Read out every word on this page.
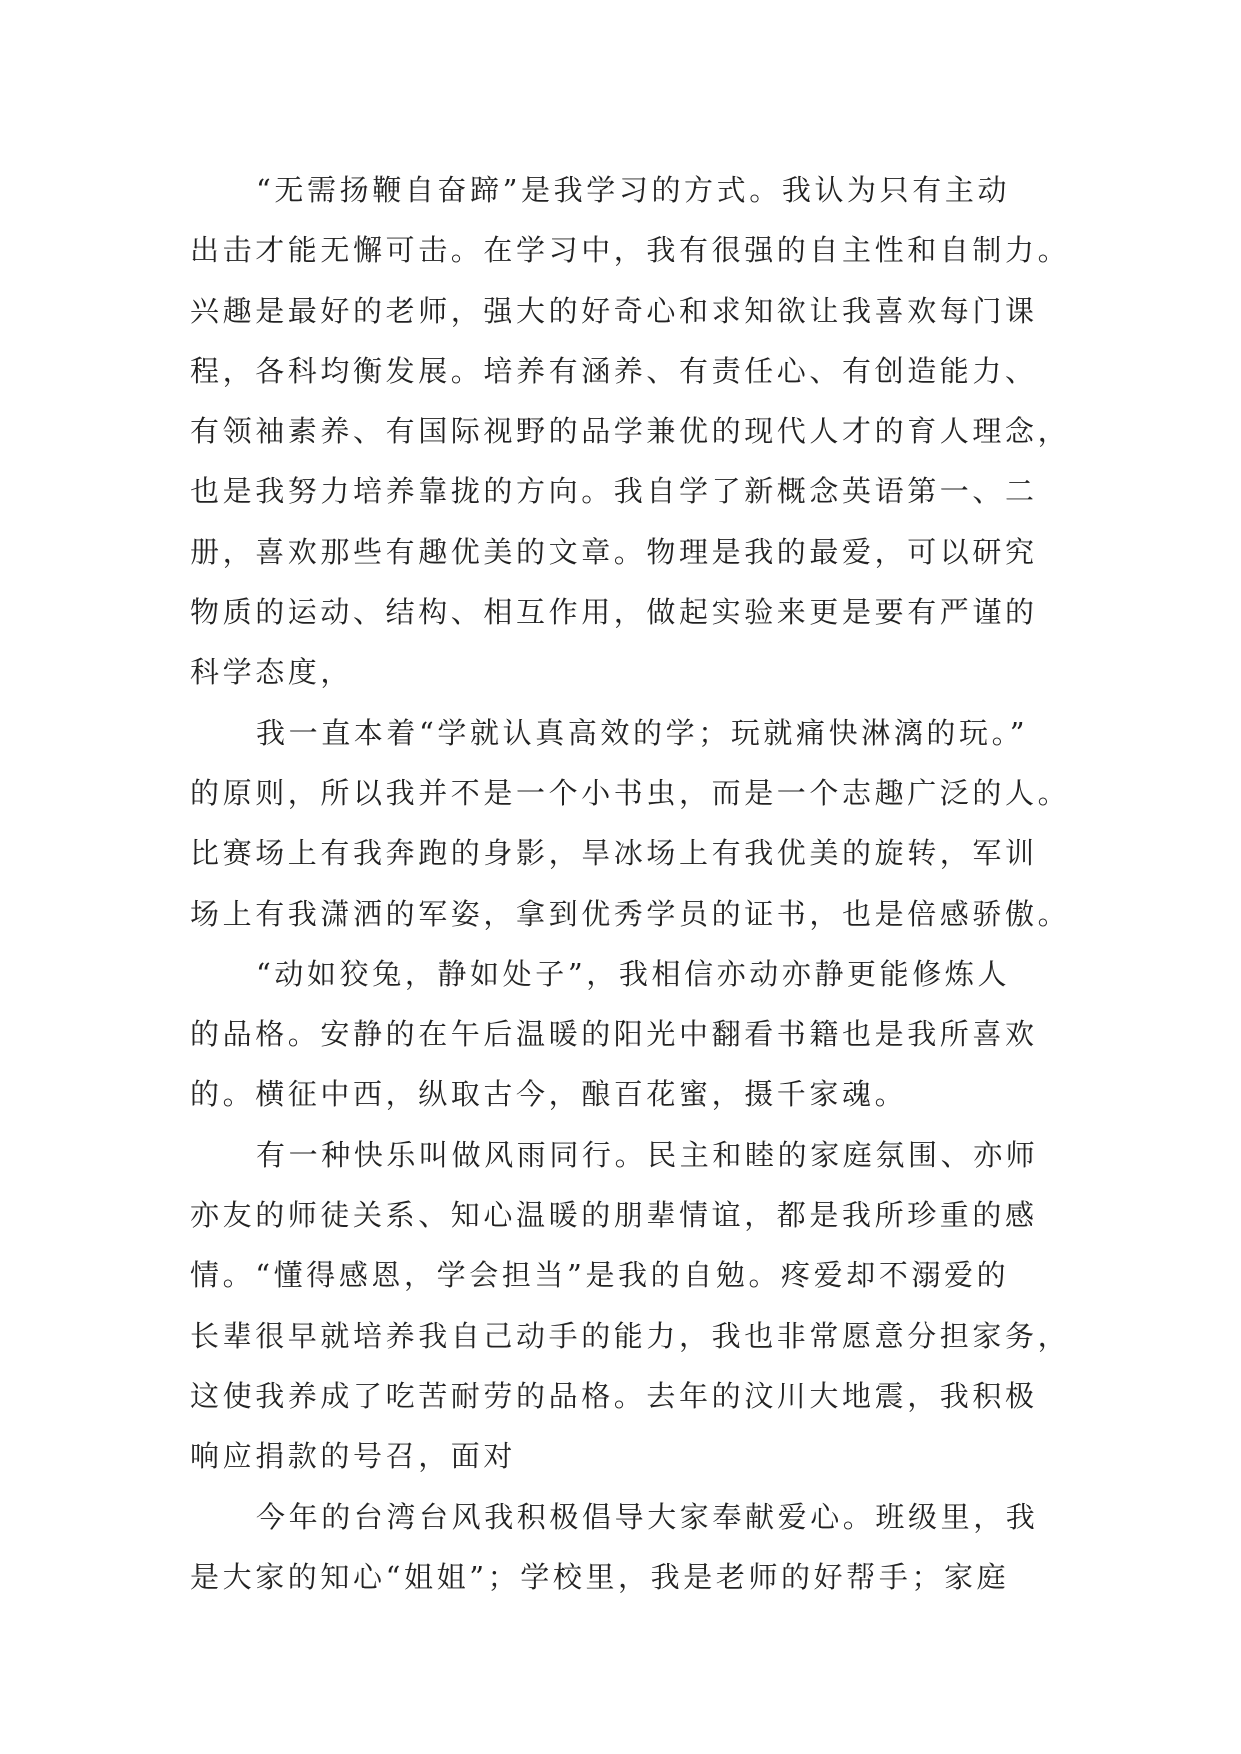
“无需扬鞭自奋蹄”是我学习的方式。我认为只有主动
出击才能无懈可击。在学习中，我有很强的自主性和自制力。
兴趣是最好的老师，强大的好奇心和求知欲让我喜欢每门课
程，各科均衡发展。培养有涵养、有责任心、有创造能力、
有领袖素养、有国际视野的品学兼优的现代人才的育人理念，
也是我努力培养靠拢的方向。我自学了新概念英语第一、二
册，喜欢那些有趣优美的文章。物理是我的最爱，可以研究
物质的运动、结构、相互作用，做起实验来更是要有严谨的
科学态度，
我一直本着“学就认真高效的学；玩就痛快淋漓的玩。”
的原则，所以我并不是一个小书虫，而是一个志趣广泛的人。
比赛场上有我奔跑的身影，旱冰场上有我优美的旋转，军训
场上有我潇洒的军姿，拿到优秀学员的证书，也是倍感骄傲。
“动如狡兔，静如处子”，我相信亦动亦静更能修炼人
的品格。安静的在午后温暖的阳光中翻看书籍也是我所喜欢
的。横征中西，纵取古今，酿百花蜜，摄千家魂。
有一种快乐叫做风雨同行。民主和睦的家庭氛围、亦师
亦友的师徒关系、知心温暖的朋辈情谊，都是我所珍重的感
情。“懂得感恩，学会担当”是我的自勉。疼爱却不溺爱的
长辈很早就培养我自己动手的能力，我也非常愿意分担家务，
这使我养成了吃苦耐劳的品格。去年的汶川大地震，我积极
响应捐款的号召，面对
今年的台湾台风我积极倡导大家奉献爱心。班级里，我
是大家的知心“姐姐”；学校里，我是老师的好帮手；家庭
